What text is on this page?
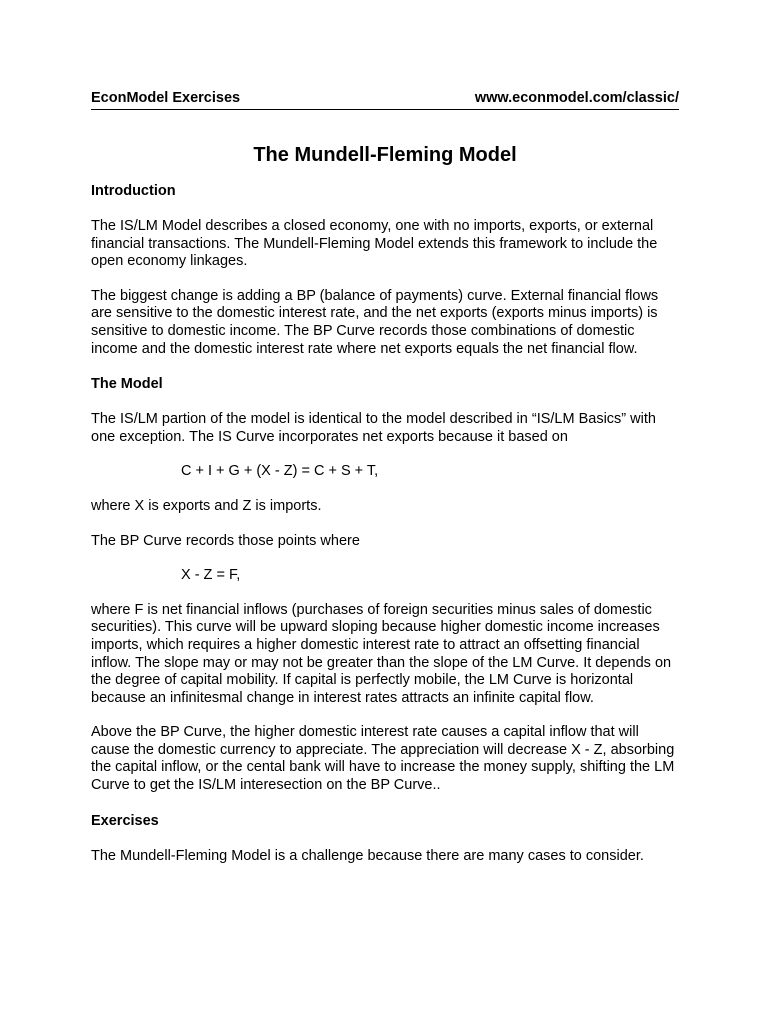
EconModel Exercises	www.econmodel.com/classic/
The Mundell-Fleming Model
Introduction

The IS/LM Model describes a closed economy, one with no imports, exports, or external financial transactions. The Mundell-Fleming Model extends this framework to include the open economy linkages.

The biggest change is adding a BP (balance of payments) curve. External financial flows are sensitive to the domestic interest rate, and the net exports (exports minus imports) is sensitive to domestic income. The BP Curve records those combinations of domestic income and the domestic interest rate where net exports equals the net financial flow.

The Model

The IS/LM partion of the model is identical to the model described in “IS/LM Basics” with one exception. The IS Curve incorporates net exports because it based on

C + I + G + (X - Z) = C + S + T,

where X is exports and Z is imports.

The BP Curve records those points where

X - Z = F,

where F is net financial inflows (purchases of foreign securities minus sales of domestic securities). This curve will be upward sloping because higher domestic income increases imports, which requires a higher domestic interest rate to attract an offsetting financial inflow. The slope may or may not be greater than the slope of the LM Curve. It depends on the degree of capital mobility. If capital is perfectly mobile, the LM Curve is horizontal because an infinitesmal change in interest rates attracts an infinite capital flow.

Above the BP Curve, the higher domestic interest rate causes a capital inflow that will cause the domestic currency to appreciate. The appreciation will decrease X - Z, absorbing the capital inflow, or the cental bank will have to increase the money supply, shifting the LM Curve to get the IS/LM interesection on the BP Curve..

Exercises

The Mundell-Fleming Model is a challenge because there are many cases to consider.
